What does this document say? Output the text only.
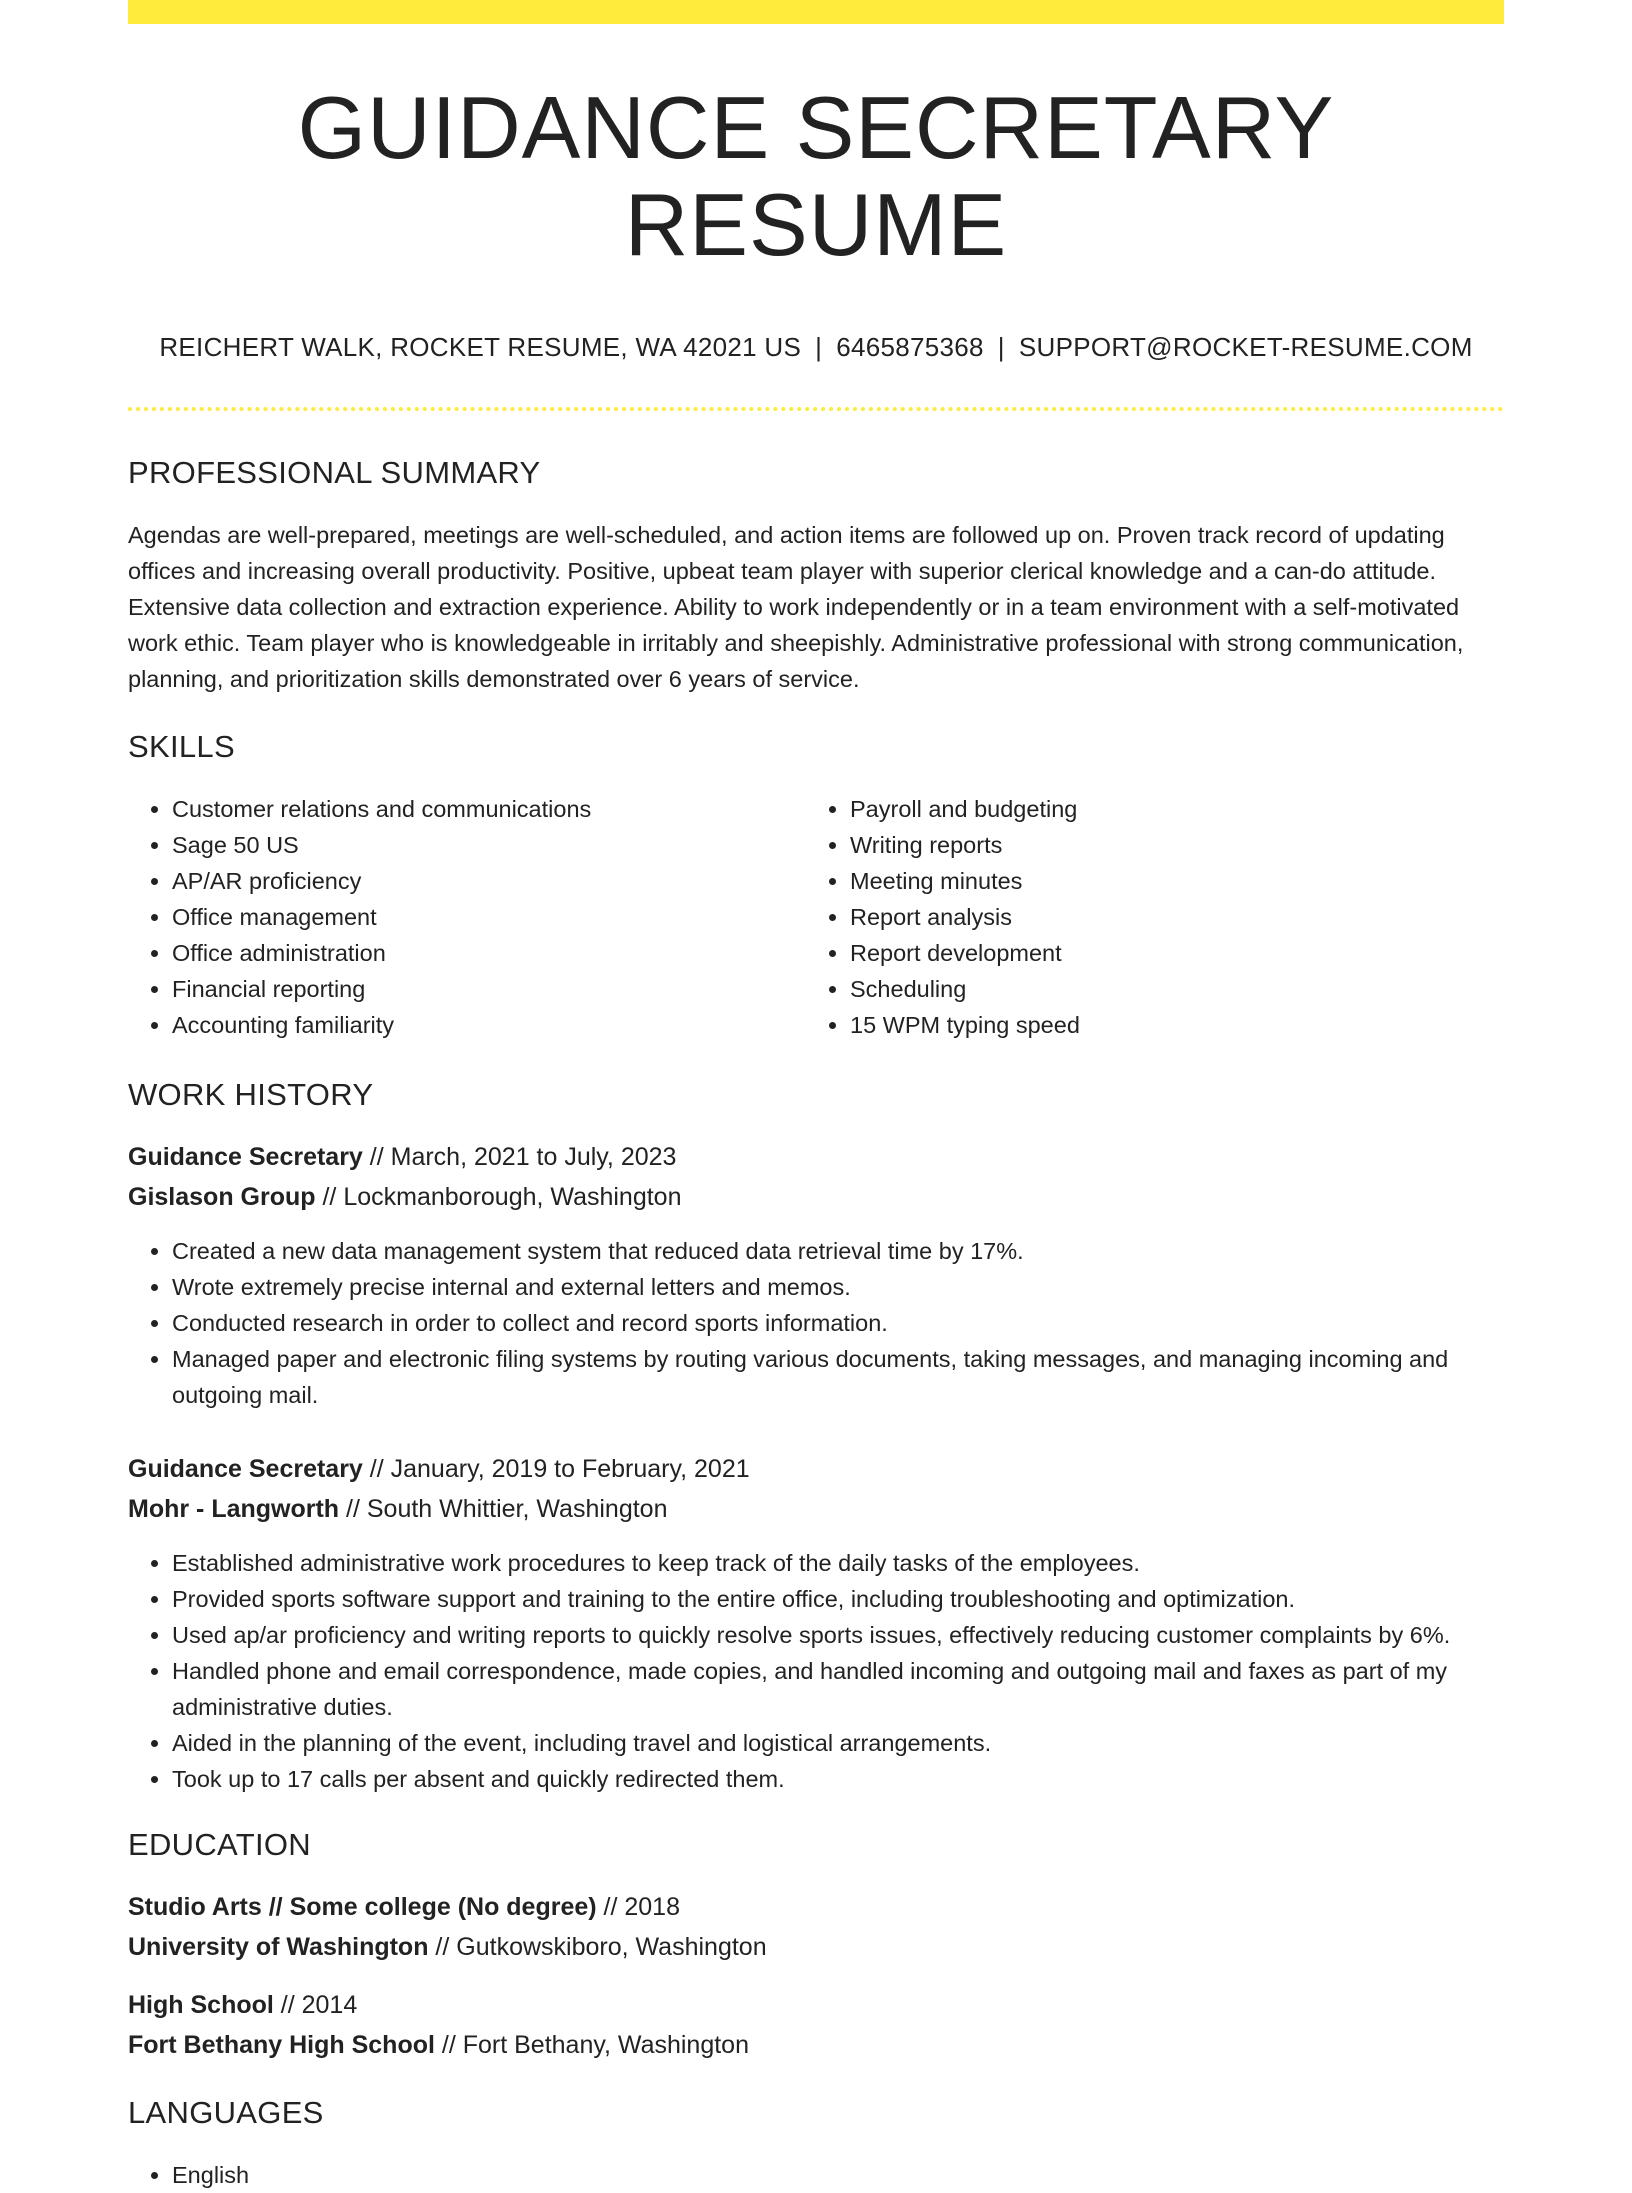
GUIDANCE SECRETARY RESUME
REICHERT WALK, ROCKET RESUME, WA 42021 US | 6465875368 | SUPPORT@ROCKET-RESUME.COM
PROFESSIONAL SUMMARY
Agendas are well-prepared, meetings are well-scheduled, and action items are followed up on. Proven track record of updating offices and increasing overall productivity. Positive, upbeat team player with superior clerical knowledge and a can-do attitude. Extensive data collection and extraction experience. Ability to work independently or in a team environment with a self-motivated work ethic. Team player who is knowledgeable in irritably and sheepishly. Administrative professional with strong communication, planning, and prioritization skills demonstrated over 6 years of service.
SKILLS
• Customer relations and communications
• Sage 50 US
• AP/AR proficiency
• Office management
• Office administration
• Financial reporting
• Accounting familiarity
• Payroll and budgeting
• Writing reports
• Meeting minutes
• Report analysis
• Report development
• Scheduling
• 15 WPM typing speed
WORK HISTORY
Guidance Secretary // March, 2021 to July, 2023
Gislason Group // Lockmanborough, Washington
• Created a new data management system that reduced data retrieval time by 17%.
• Wrote extremely precise internal and external letters and memos.
• Conducted research in order to collect and record sports information.
• Managed paper and electronic filing systems by routing various documents, taking messages, and managing incoming and outgoing mail.
Guidance Secretary // January, 2019 to February, 2021
Mohr - Langworth // South Whittier, Washington
• Established administrative work procedures to keep track of the daily tasks of the employees.
• Provided sports software support and training to the entire office, including troubleshooting and optimization.
• Used ap/ar proficiency and writing reports to quickly resolve sports issues, effectively reducing customer complaints by 6%.
• Handled phone and email correspondence, made copies, and handled incoming and outgoing mail and faxes as part of my administrative duties.
• Aided in the planning of the event, including travel and logistical arrangements.
• Took up to 17 calls per absent and quickly redirected them.
EDUCATION
Studio Arts // Some college (No degree) // 2018
University of Washington // Gutkowskiboro, Washington
High School // 2014
Fort Bethany High School // Fort Bethany, Washington
LANGUAGES
• English
